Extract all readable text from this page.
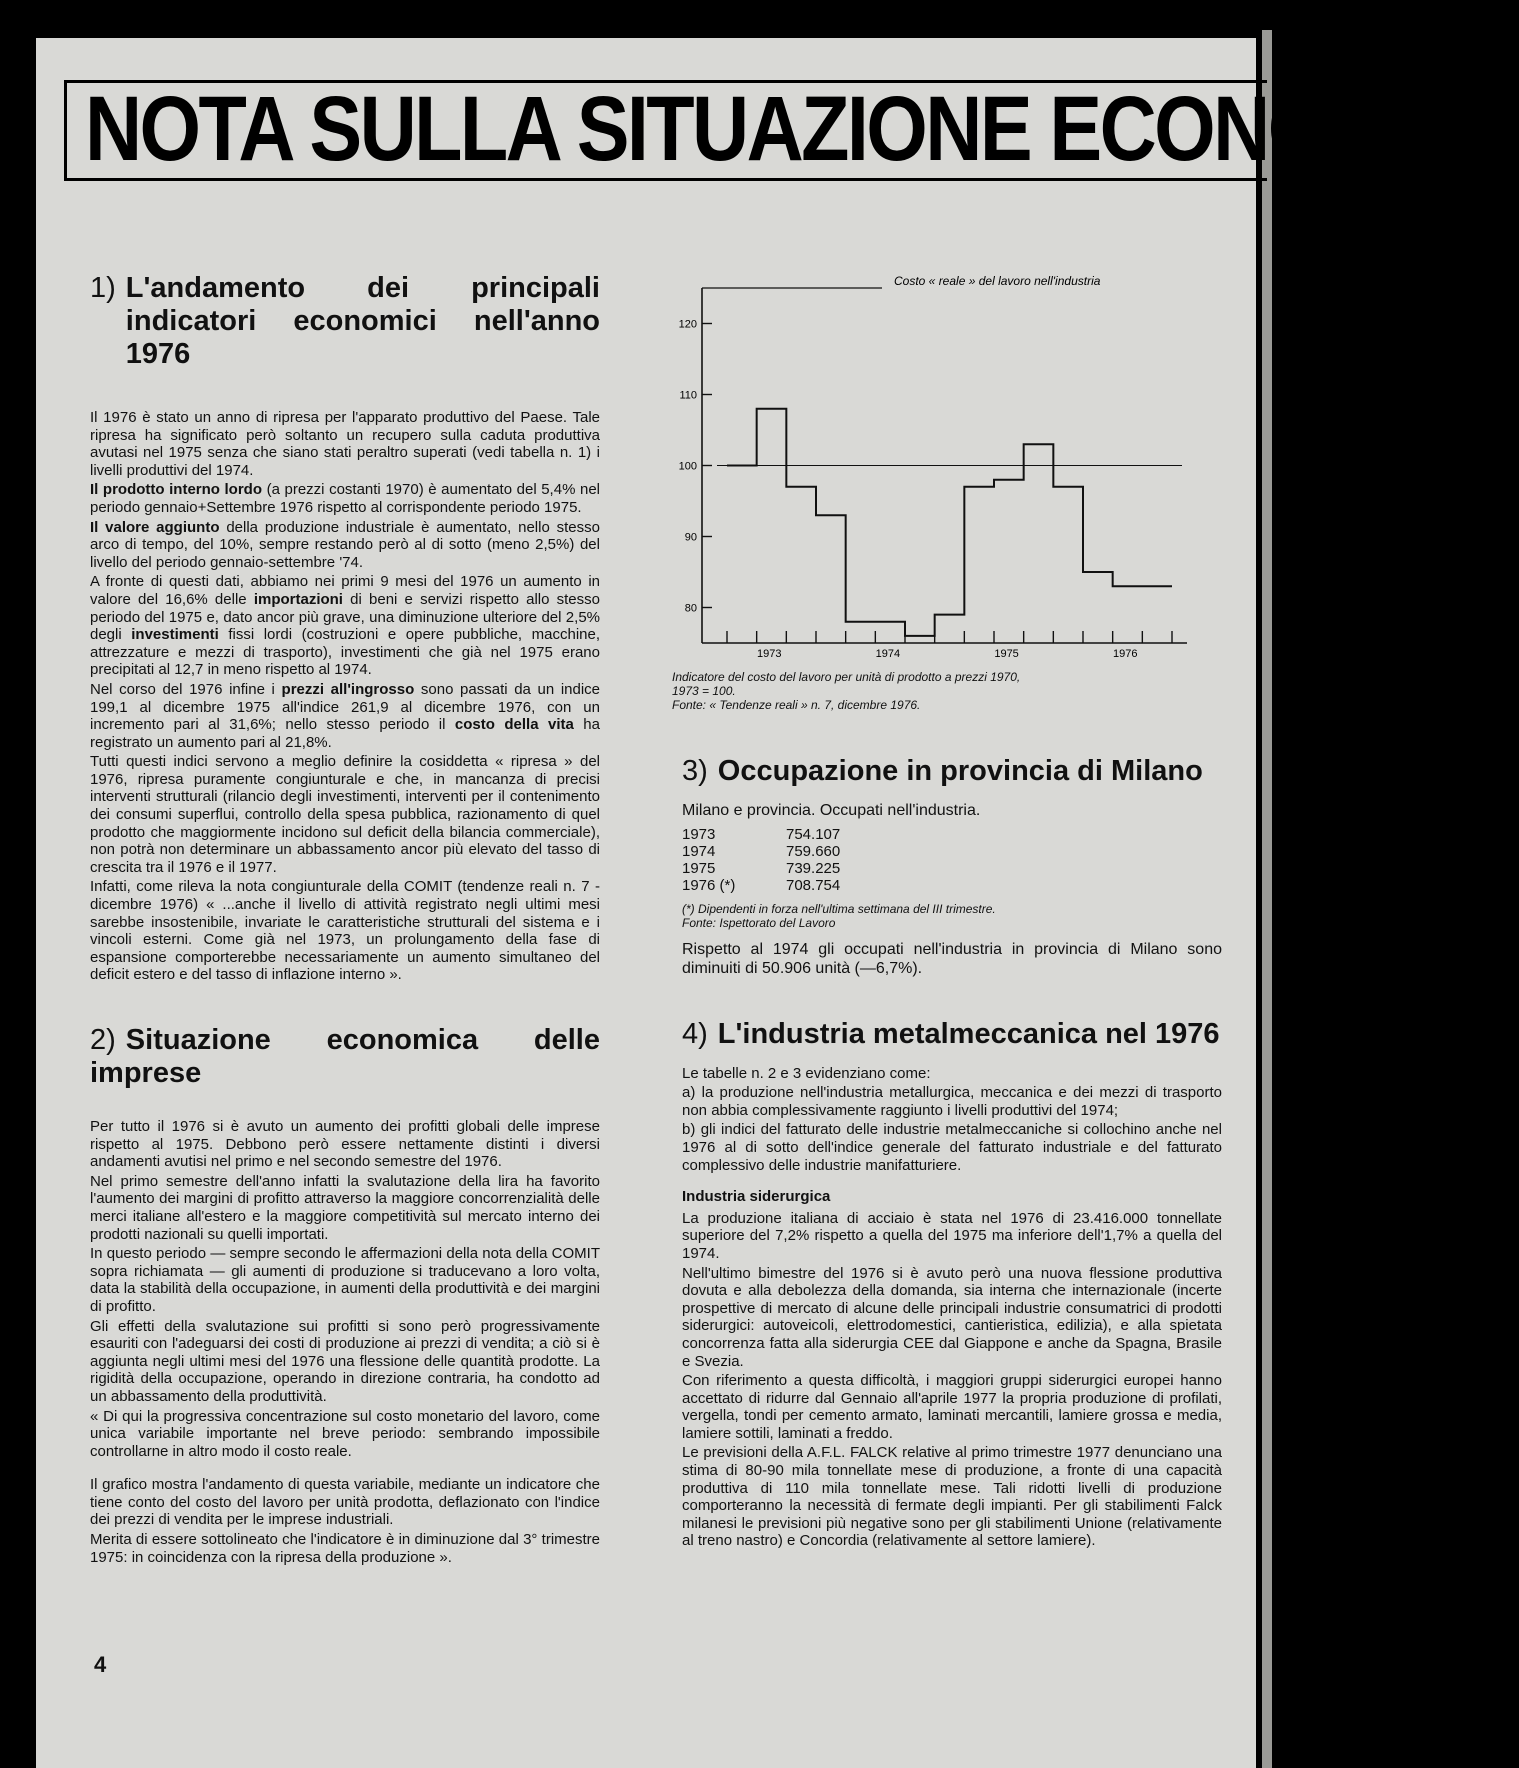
NOTA SULLA SITUAZIONE ECONOMICA
1) L'andamento dei principali indicatori economici nell'anno 1976

Il 1976 è stato un anno di ripresa per l'apparato produttivo del Paese. Tale ripresa ha significato però soltanto un recupero sulla caduta produttiva avutasi nel 1975 senza che siano stati peraltro superati (vedi tabella n. 1) i livelli produttivi del 1974.

Il prodotto interno lordo (a prezzi costanti 1970) è aumentato del 5,4% nel periodo gennaio+Settembre 1976 rispetto al corrispondente periodo 1975.

Il valore aggiunto della produzione industriale è aumentato, nello stesso arco di tempo, del 10%, sempre restando però al di sotto (meno 2,5%) del livello del periodo gennaio-settembre '74.

A fronte di questi dati, abbiamo nei primi 9 mesi del 1976 un aumento in valore del 16,6% delle importazioni di beni e servizi rispetto allo stesso periodo del 1975 e, dato ancor più grave, una diminuzione ulteriore del 2,5% degli investimenti fissi lordi (costruzioni e opere pubbliche, macchine, attrezzature e mezzi di trasporto), investimenti che già nel 1975 erano precipitati al 12,7 in meno rispetto al 1974.

Nel corso del 1976 infine i prezzi all'ingrosso sono passati da un indice 199,1 al dicembre 1975 all'indice 261,9 al dicembre 1976, con un incremento pari al 31,6%; nello stesso periodo il costo della vita ha registrato un aumento pari al 21,8%.

Tutti questi indici servono a meglio definire la cosiddetta « ripresa » del 1976, ripresa puramente congiunturale e che, in mancanza di precisi interventi strutturali (rilancio degli investimenti, interventi per il contenimento dei consumi superflui, controllo della spesa pubblica, razionamento di quel prodotto che maggiormente incidono sul deficit della bilancia commerciale), non potrà non determinare un abbassamento ancor più elevato del tasso di crescita tra il 1976 e il 1977.

Infatti, come rileva la nota congiunturale della COMIT (tendenze reali n. 7 - dicembre 1976) « ...anche il livello di attività registrato negli ultimi mesi sarebbe insostenibile, invariate le caratteristiche strutturali del sistema e i vincoli esterni. Come già nel 1973, un prolungamento della fase di espansione comporterebbe necessariamente un aumento simultaneo del deficit estero e del tasso di inflazione interno ».

2) Situazione economica delle imprese

Per tutto il 1976 si è avuto un aumento dei profitti globali delle imprese rispetto al 1975. Debbono però essere nettamente distinti i diversi andamenti avutisi nel primo e nel secondo semestre del 1976.

Nel primo semestre dell'anno infatti la svalutazione della lira ha favorito l'aumento dei margini di profitto attraverso la maggiore concorrenzialità delle merci italiane all'estero e la maggiore competitività sul mercato interno dei prodotti nazionali su quelli importati.

In questo periodo — sempre secondo le affermazioni della nota della COMIT sopra richiamata — gli aumenti di produzione si traducevano a loro volta, data la stabilità della occupazione, in aumenti della produttività e dei margini di profitto.

Gli effetti della svalutazione sui profitti si sono però progressivamente esauriti con l'adeguarsi dei costi di produzione ai prezzi di vendita; a ciò si è aggiunta negli ultimi mesi del 1976 una flessione delle quantità prodotte. La rigidità della occupazione, operando in direzione contraria, ha condotto ad un abbassamento della produttività.

« Di qui la progressiva concentrazione sul costo monetario del lavoro, come unica variabile importante nel breve periodo: sembrando impossibile controllarne in altro modo il costo reale.

Il grafico mostra l'andamento di questa variabile, mediante un indicatore che tiene conto del costo del lavoro per unità prodotta, deflazionato con l'indice dei prezzi di vendita per le imprese industriali.

Merita di essere sottolineato che l'indicatore è in diminuzione dal 3° trimestre 1975: in coincidenza con la ripresa della produzione ».

Costo « reale » del lavoro nell'industria
120
110
100
90
80
1973	1974	1975	1976
Indicatore del costo del lavoro per unità di prodotto a prezzi 1970,
1973 = 100.
Fonte: « Tendenze reali » n. 7, dicembre 1976.
3) Occupazione in provincia di Milano

Milano e provincia. Occupati nell'industria.

1973	754.107
1974	759.660
1975	739.225
1976 (*)	708.754
(*) Dipendenti in forza nell'ultima settimana del III trimestre.
Fonte: Ispettorato del Lavoro

Rispetto al 1974 gli occupati nell'industria in provincia di Milano sono diminuiti di 50.906 unità (—6,7%).

4) L'industria metalmeccanica nel 1976

Le tabelle n. 2 e 3 evidenziano come:

a) la produzione nell'industria metallurgica, meccanica e dei mezzi di trasporto non abbia complessivamente raggiunto i livelli produttivi del 1974;

b) gli indici del fatturato delle industrie metalmeccaniche si collochino anche nel 1976 al di sotto dell'indice generale del fatturato industriale e del fatturato complessivo delle industrie manifatturiere.

Industria siderurgica

La produzione italiana di acciaio è stata nel 1976 di 23.416.000 tonnellate superiore del 7,2% rispetto a quella del 1975 ma inferiore dell'1,7% a quella del 1974.

Nell'ultimo bimestre del 1976 si è avuto però una nuova flessione produttiva dovuta e alla debolezza della domanda, sia interna che internazionale (incerte prospettive di mercato di alcune delle principali industrie consumatrici di prodotti siderurgici: autoveicoli, elettrodomestici, cantieristica, edilizia), e alla spietata concorrenza fatta alla siderurgia CEE dal Giappone e anche da Spagna, Brasile e Svezia.

Con riferimento a questa difficoltà, i maggiori gruppi siderurgici europei hanno accettato di ridurre dal Gennaio all'aprile 1977 la propria produzione di profilati, vergella, tondi per cemento armato, laminati mercantili, lamiere grossa e media, lamiere sottili, laminati a freddo.

Le previsioni della A.F.L. FALCK relative al primo trimestre 1977 denunciano una stima di 80-90 mila tonnellate mese di produzione, a fronte di una capacità produttiva di 110 mila tonnellate mese. Tali ridotti livelli di produzione comporteranno la necessità di fermate degli impianti. Per gli stabilimenti Falck milanesi le previsioni più negative sono per gli stabilimenti Unione (relativamente al treno nastro) e Concordia (relativamente al settore lamiere).

4
